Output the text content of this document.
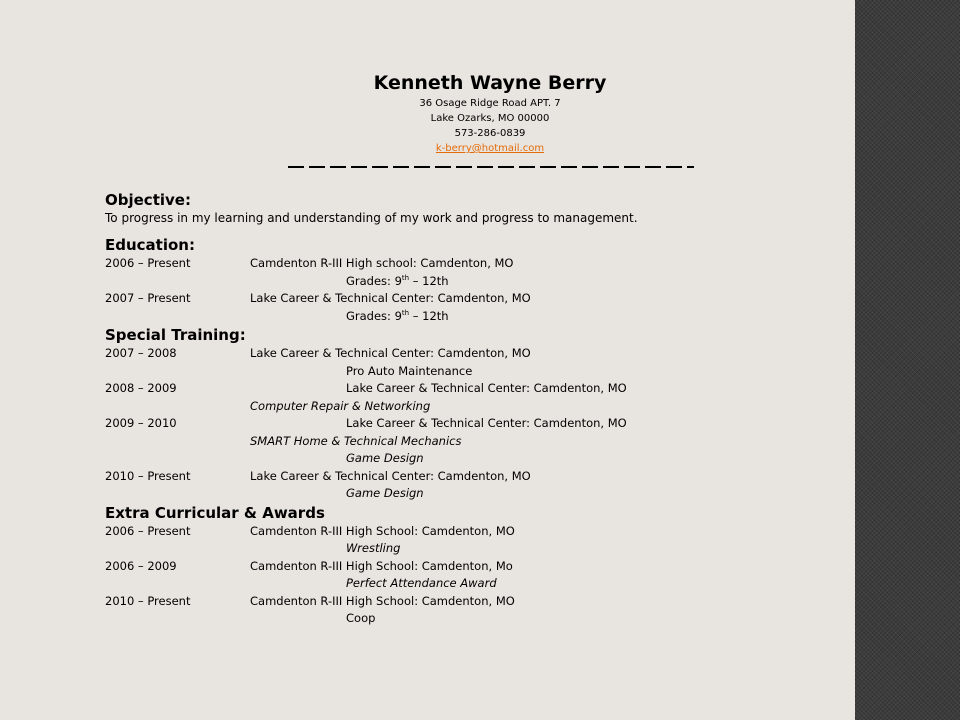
Kenneth Wayne Berry
36 Osage Ridge Road APT. 7
Lake Ozarks, MO 00000
573-286-0839
k-berry@hotmail.com
Objective:
To progress in my learning and understanding of my work and progress to management.
Education:
2006 – Present	Camdenton R-III High school: Camdenton, MO
Grades: 9th – 12th
2007 – Present	Lake Career & Technical Center: Camdenton, MO
Grades: 9th – 12th
Special Training:
2007 – 2008	Lake Career & Technical Center: Camdenton, MO
Pro Auto Maintenance
2008 – 2009	Lake Career & Technical Center: Camdenton, MO
Computer Repair & Networking
2009 – 2010	Lake Career & Technical Center: Camdenton, MO
SMART Home & Technical Mechanics
Game Design
2010 – Present	Lake Career & Technical Center: Camdenton, MO
Game Design
Extra Curricular & Awards
2006 – Present	Camdenton R-III High School: Camdenton, MO
Wrestling
2006 – 2009	Camdenton R-III High School: Camdenton, Mo
Perfect Attendance Award
2010 – Present	Camdenton R-III High School: Camdenton, MO
Coop
